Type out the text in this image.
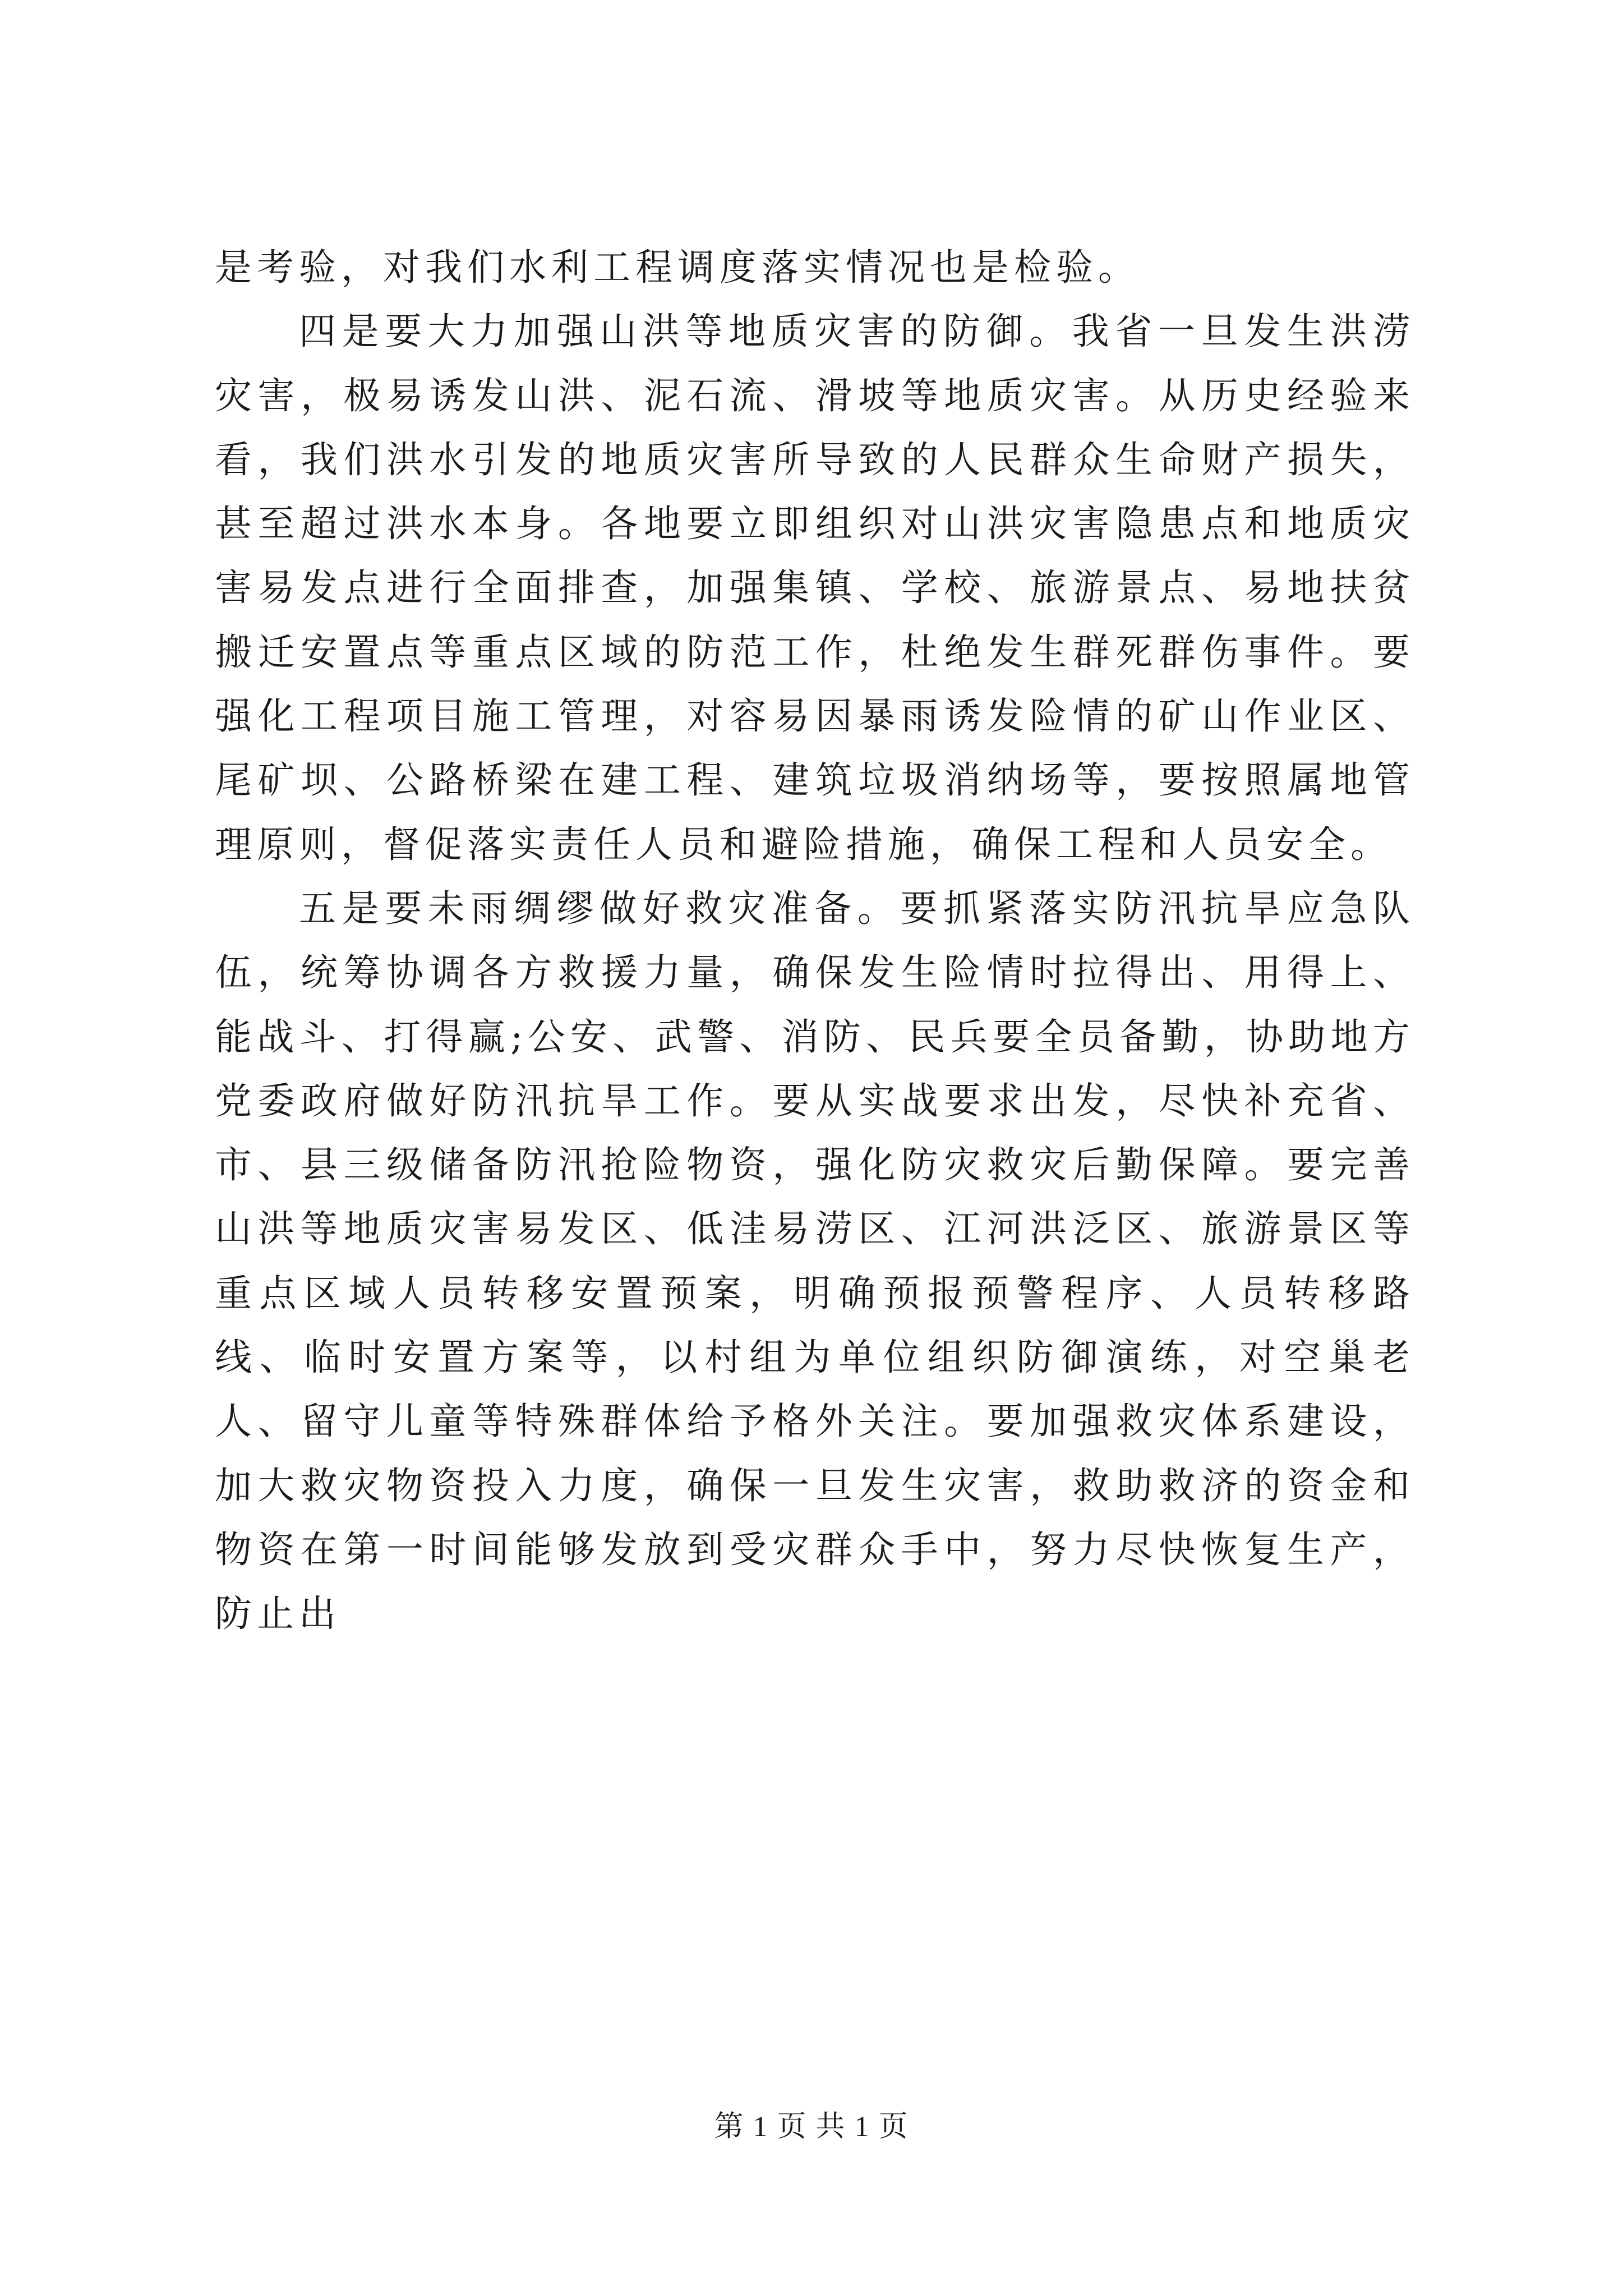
是考验，对我们水利工程调度落实情况也是检验。

四是要大力加强山洪等地质灾害的防御。我省一旦发生洪涝灾害，极易诱发山洪、泥石流、滑坡等地质灾害。从历史经验来看，我们洪水引发的地质灾害所导致的人民群众生命财产损失，甚至超过洪水本身。各地要立即组织对山洪灾害隐患点和地质灾害易发点进行全面排查，加强集镇、学校、旅游景点、易地扶贫搬迁安置点等重点区域的防范工作，杜绝发生群死群伤事件。要强化工程项目施工管理，对容易因暴雨诱发险情的矿山作业区、尾矿坝、公路桥梁在建工程、建筑垃圾消纳场等，要按照属地管理原则，督促落实责任人员和避险措施，确保工程和人员安全。

五是要未雨绸缪做好救灾准备。要抓紧落实防汛抗旱应急队伍，统筹协调各方救援力量，确保发生险情时拉得出、用得上、能战斗、打得赢;公安、武警、消防、民兵要全员备勤，协助地方党委政府做好防汛抗旱工作。要从实战要求出发，尽快补充省、市、县三级储备防汛抢险物资，强化防灾救灾后勤保障。要完善山洪等地质灾害易发区、低洼易涝区、江河洪泛区、旅游景区等重点区域人员转移安置预案，明确预报预警程序、人员转移路线、临时安置方案等，以村组为单位组织防御演练，对空巢老人、留守儿童等特殊群体给予格外关注。要加强救灾体系建设，加大救灾物资投入力度，确保一旦发生灾害，救助救济的资金和物资在第一时间能够发放到受灾群众手中，努力尽快恢复生产，防止出

第 1 页 共 1 页
